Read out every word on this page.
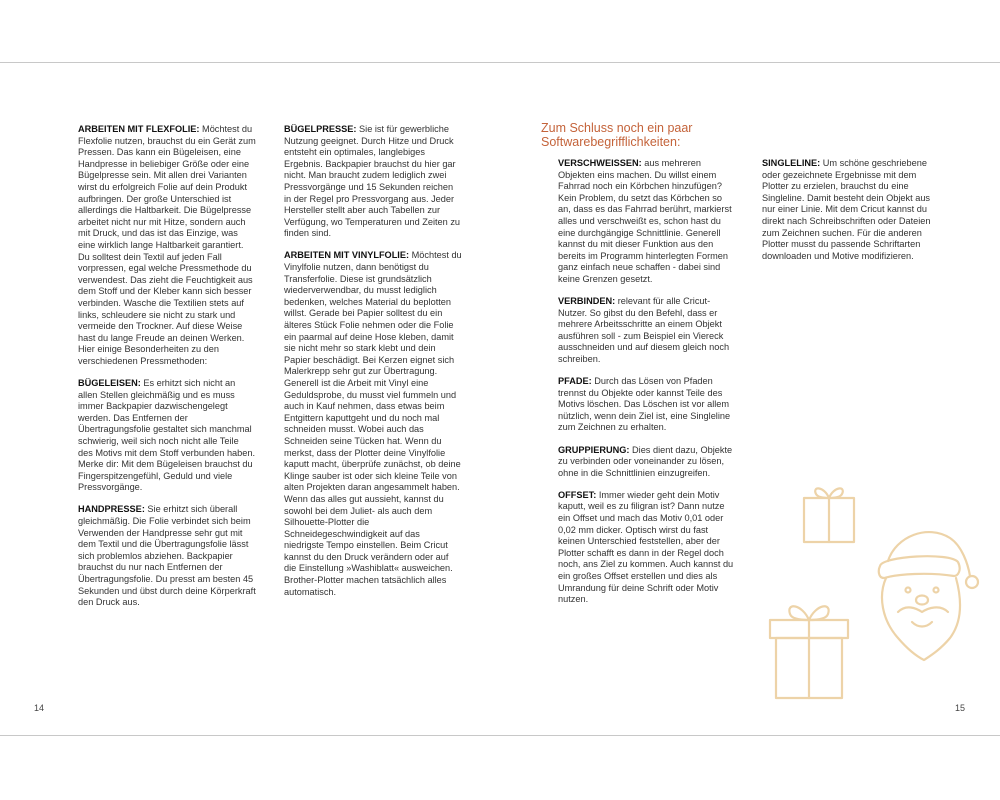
ARBEITEN MIT FLEXFOLIE: Möchtest du Flexfolie nutzen, brauchst du ein Gerät zum Pressen. Das kann ein Bügeleisen, eine Handpresse in beliebiger Größe oder eine Bügelpresse sein. Mit allen drei Varianten wirst du erfolgreich Folie auf dein Produkt aufbringen. Der große Unterschied ist allerdings die Haltbarkeit. Die Bügelpresse arbeitet nicht nur mit Hitze, sondern auch mit Druck, und das ist das Einzige, was eine wirklich lange Haltbarkeit garantiert. Du solltest dein Textil auf jeden Fall vorpressen, egal welche Pressmethode du verwendest. Das zieht die Feuchtigkeit aus dem Stoff und der Kleber kann sich besser verbinden. Wasche die Textilien stets auf links, schleudere sie nicht zu stark und vermeide den Trockner. Auf diese Weise hast du lange Freude an deinen Werken. Hier einige Besonderheiten zu den verschiedenen Pressmethoden:

BÜGELEISEN: Es erhitzt sich nicht an allen Stellen gleichmäßig und es muss immer Backpapier dazwischengelegt werden. Das Entfernen der Übertragungsfolie gestaltet sich manchmal schwierig, weil sich noch nicht alle Teile des Motivs mit dem Stoff verbunden haben. Merke dir: Mit dem Bügeleisen brauchst du Fingerspitzengefühl, Geduld und viele Pressvorgänge.

HANDPRESSE: Sie erhitzt sich überall gleichmäßig. Die Folie verbindet sich beim Verwenden der Handpresse sehr gut mit dem Textil und die Übertragungsfolie lässt sich problemlos abziehen. Backpapier brauchst du nur nach Entfernen der Übertragungsfolie. Du presst am besten 45 Sekunden und übst durch deine Körperkraft den Druck aus.

BÜGELPRESSE: Sie ist für gewerbliche Nutzung geeignet. Durch Hitze und Druck entsteht ein optimales, langlebiges Ergebnis. Backpapier brauchst du hier gar nicht. Man braucht zudem lediglich zwei Pressvorgänge und 15 Sekunden reichen in der Regel pro Pressvorgang aus. Jeder Hersteller stellt aber auch Tabellen zur Verfügung, wo Temperaturen und Zeiten zu finden sind.

ARBEITEN MIT VINYLFOLIE: Möchtest du Vinylfolie nutzen, dann benötigst du Transferfolie. Diese ist grundsätzlich wiederverwendbar, du musst lediglich bedenken, welches Material du beplotten willst. Gerade bei Papier solltest du ein älteres Stück Folie nehmen oder die Folie ein paarmal auf deine Hose kleben, damit sie nicht mehr so stark klebt und dein Papier beschädigt. Bei Kerzen eignet sich Malerkrepp sehr gut zur Übertragung. Generell ist die Arbeit mit Vinyl eine Geduldsprobe, du musst viel fummeln und auch in Kauf nehmen, dass etwas beim Entgittern kaputtgeht und du noch mal schneiden musst. Wobei auch das Schneiden seine Tücken hat. Wenn du merkst, dass der Plotter deine Vinylfolie kaputt macht, überprüfe zunächst, ob deine Klinge sauber ist oder sich kleine Teile von alten Projekten daran angesammelt haben. Wenn das alles gut aussieht, kannst du sowohl bei dem Juliet- als auch dem Silhouette-Plotter die Schneidegeschwindigkeit auf das niedrigste Tempo einstellen. Beim Cricut kannst du den Druck verändern oder auf die Einstellung »Washiblatt« ausweichen. Brother-Plotter machen tatsächlich alles automatisch.

14
Zum Schluss noch ein paar
Softwarebegrifflichkeiten:

VERSCHWEISSEN: aus mehreren Objekten eins machen. Du willst einem Fahrrad noch ein Körbchen hinzufügen? Kein Problem, du setzt das Körbchen so an, dass es das Fahrrad berührt, markierst alles und verschweißt es, schon hast du eine durchgängige Schnittlinie. Generell kannst du mit dieser Funktion aus den bereits im Programm hinterlegten Formen ganz einfach neue schaffen - dabei sind keine Grenzen gesetzt.

VERBINDEN: relevant für alle Cricut-Nutzer. So gibst du den Befehl, dass er mehrere Arbeitsschritte an einem Objekt ausführen soll - zum Beispiel ein Viereck ausschneiden und auf diesem gleich noch schreiben.

PFADE: Durch das Lösen von Pfaden trennst du Objekte oder kannst Teile des Motivs löschen. Das Löschen ist vor allem nützlich, wenn dein Ziel ist, eine Singleline zum Zeichnen zu erhalten.

GRUPPIERUNG: Dies dient dazu, Objekte zu verbinden oder voneinander zu lösen, ohne in die Schnittlinien einzugreifen.

OFFSET: Immer wieder geht dein Motiv kaputt, weil es zu filigran ist? Dann nutze ein Offset und mach das Motiv 0,01 oder 0,02 mm dicker. Optisch wirst du fast keinen Unterschied feststellen, aber der Plotter schafft es dann in der Regel doch noch, ans Ziel zu kommen. Auch kannst du ein großes Offset erstellen und dies als Umrandung für deine Schrift oder Motiv nutzen.

SINGLELINE: Um schöne geschriebene oder gezeichnete Ergebnisse mit dem Plotter zu erzielen, brauchst du eine Singleline. Damit besteht dein Objekt aus nur einer Linie. Mit dem Cricut kannst du direkt nach Schreibschriften oder Dateien zum Zeichnen suchen. Für die anderen Plotter musst du passende Schriftarten downloaden und Motive modifizieren.

15
